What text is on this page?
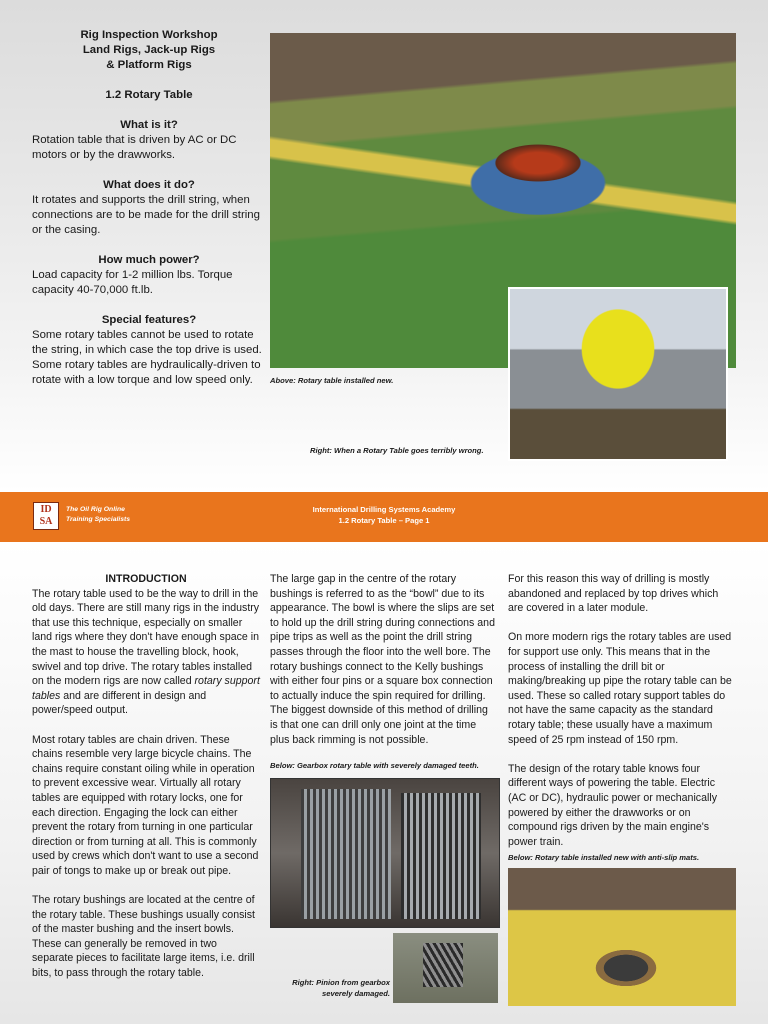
Rig Inspection Workshop
Land Rigs, Jack-up Rigs
& Platform Rigs
1.2 Rotary Table
What is it?

Rotation table that is driven by AC or DC motors or by the drawworks.

What does it do?

It rotates and supports the drill string, when connections are to be made for the drill string or the casing.

How much power?

Load capacity for 1-2 million lbs. Torque capacity 40-70,000 ft.lb.

Special features?

Some rotary tables cannot be used to rotate the string, in which case the top drive is used. Some rotary tables are hydraulically-driven to rotate with a low torque and low speed only.	Above: Rotary table installed new.
Right: When a Rotary Table goes terribly wrong.
ID
SA
The Oil Rig Online
Training Specialists
International Drilling Systems Academy
1.2 Rotary Table – Page 1
INTRODUCTION

The rotary table used to be the way to drill in the old days. There are still many rigs in the industry that use this technique, especially on smaller land rigs where they don't have enough space in the mast to house the travelling block, hook, swivel and top drive. The rotary tables installed on the modern rigs are now called rotary support tables and are different in design and power/speed output.

Most rotary tables are chain driven. These chains resemble very large bicycle chains. The chains require constant oiling while in operation to prevent excessive wear. Virtually all rotary tables are equipped with rotary locks, one for each direction. Engaging the lock can either prevent the rotary from turning in one particular direction or from turning at all. This is commonly used by crews which don't want to use a second pair of tongs to make up or break out pipe.

The rotary bushings are located at the centre of the rotary table. These bushings usually consist of the master bushing and the insert bowls. These can generally be removed in two separate pieces to facilitate large items, i.e. drill bits, to pass through the rotary table.

The large gap in the centre of the rotary bushings is referred to as the “bowl” due to its appearance. The bowl is where the slips are set to hold up the drill string during connections and pipe trips as well as the point the drill string passes through the floor into the well bore. The rotary bushings connect to the Kelly bushings with either four pins or a square box connection to actually induce the spin required for drilling. The biggest downside of this method of drilling is that one can drill only one joint at the time plus back rimming is not possible.

Below: Gearbox rotary table with severely damaged teeth.
Right: Pinion from gearbox
severely damaged.

For this reason this way of drilling is mostly abandoned and replaced by top drives which are covered in a later module.

On more modern rigs the rotary tables are used for support use only. This means that in the process of installing the drill bit or making/breaking up pipe the rotary table can be used. These so called rotary support tables do not have the same capacity as the standard rotary table; these usually have a maximum speed of 25 rpm instead of 150 rpm.

The design of the rotary table knows four different ways of powering the table. Electric (AC or DC), hydraulic power or mechanically powered by either the drawworks or on compound rigs driven by the main engine's power train.

Below: Rotary table installed new with anti-slip mats.
